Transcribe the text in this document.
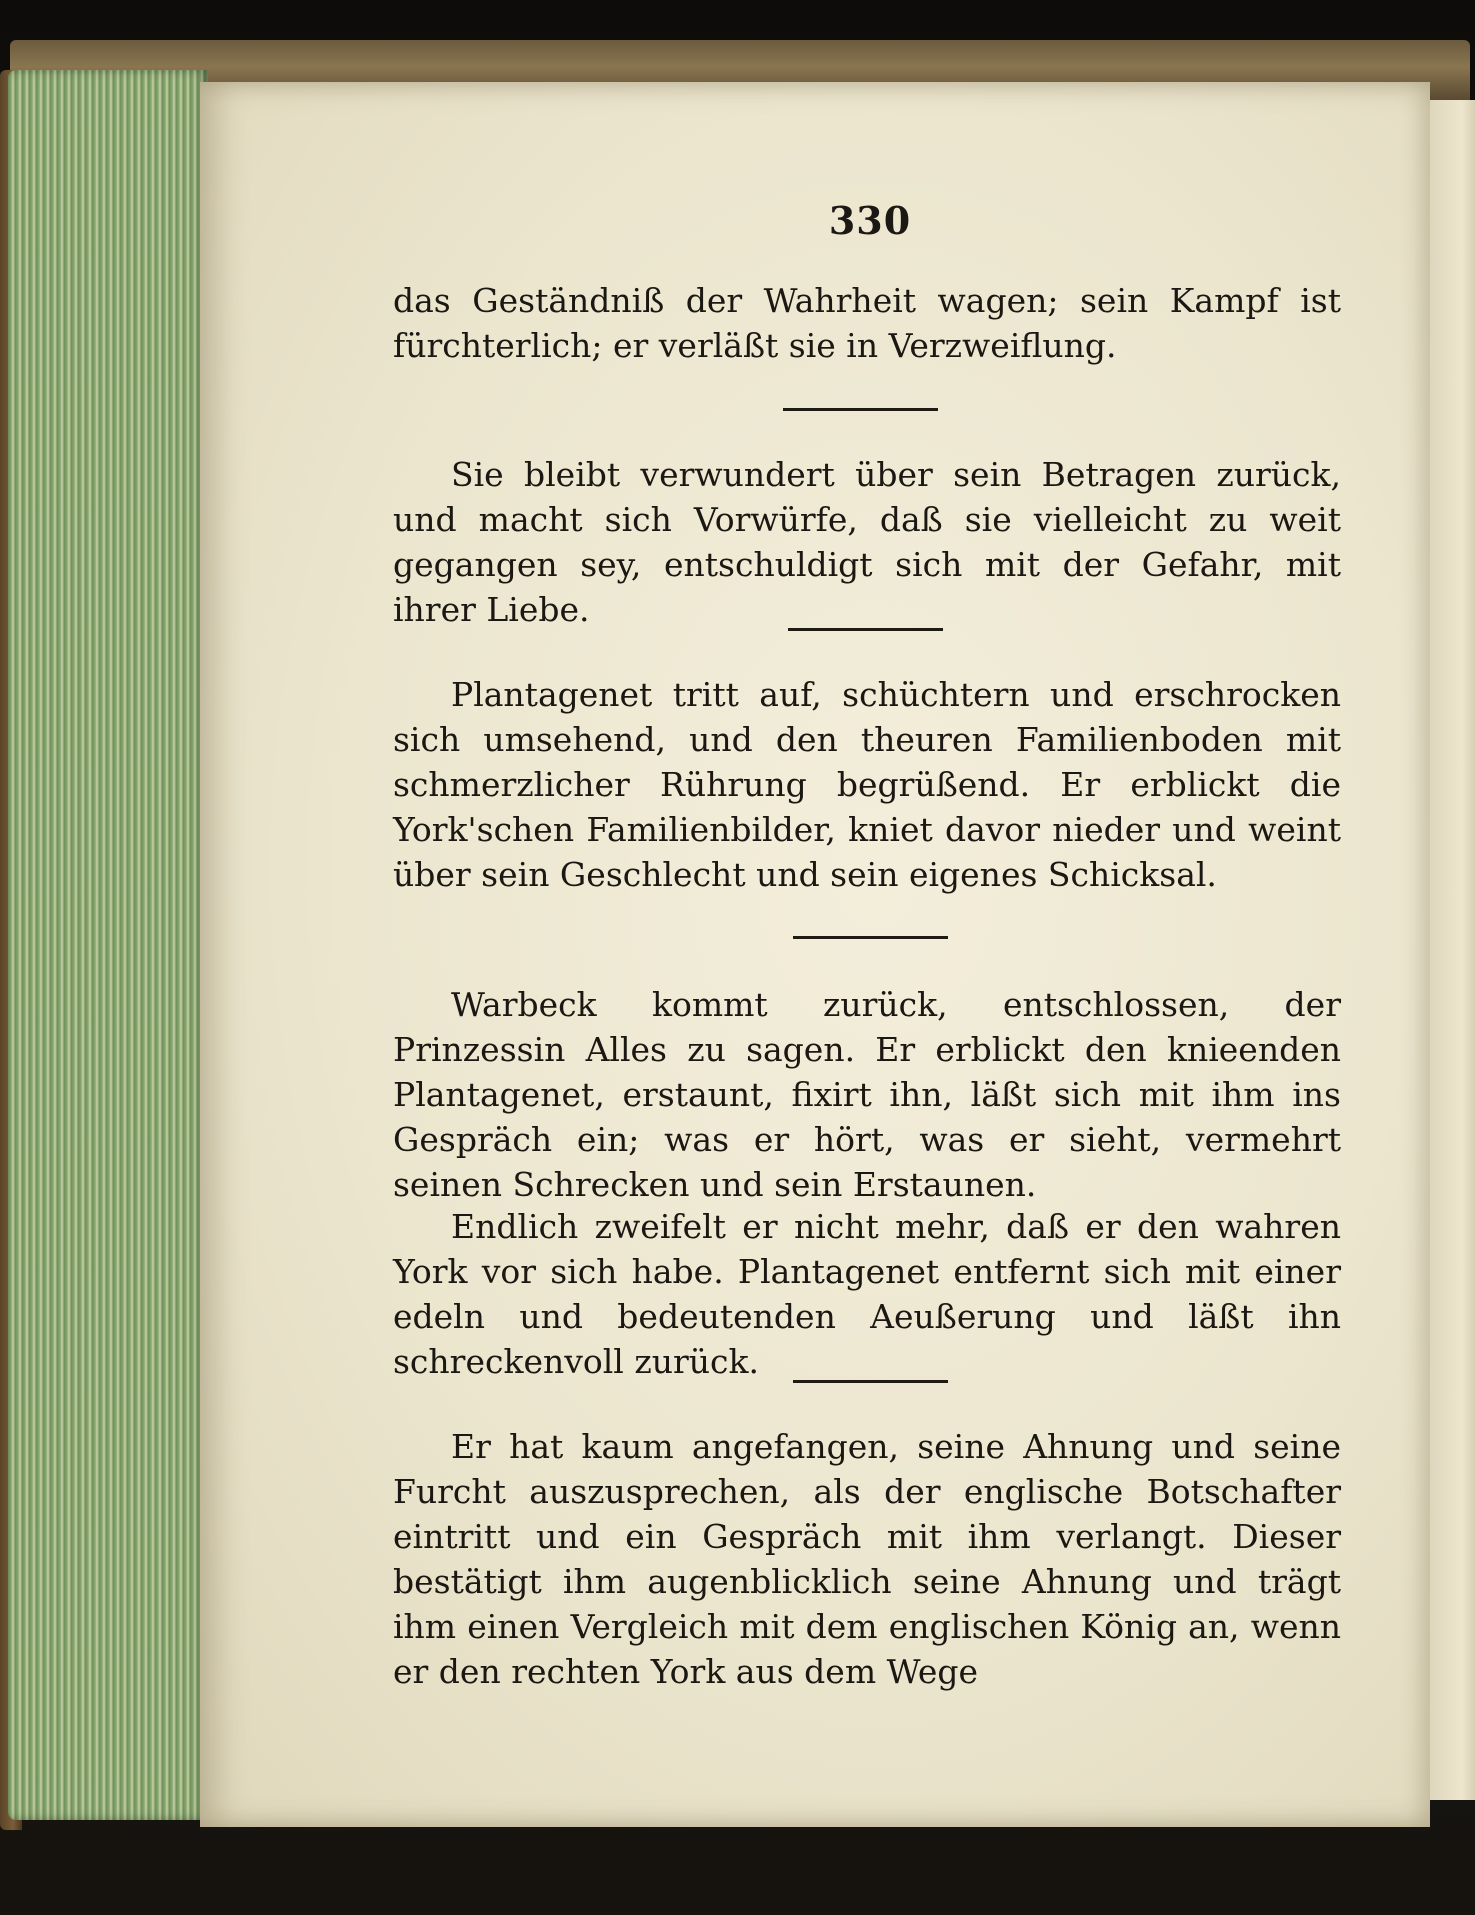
330

das Geständniß der Wahrheit wagen; sein Kampf ist fürchterlich; er verläßt sie in Verzweiflung.

Sie bleibt verwundert über sein Betragen zurück, und macht sich Vorwürfe, daß sie vielleicht zu weit gegangen sey, entschuldigt sich mit der Gefahr, mit ihrer Liebe.

Plantagenet tritt auf, schüchtern und erschrocken sich umsehend, und den theuren Familienboden mit schmerzlicher Rührung begrüßend. Er erblickt die York'schen Familienbilder, kniet davor nieder und weint über sein Geschlecht und sein eigenes Schicksal.

Warbeck kommt zurück, entschlossen, der Prinzessin Alles zu sagen. Er erblickt den knieenden Plantagenet, erstaunt, fixirt ihn, läßt sich mit ihm ins Gespräch ein; was er hört, was er sieht, vermehrt seinen Schrecken und sein Erstaunen.

Endlich zweifelt er nicht mehr, daß er den wahren York vor sich habe. Plantagenet entfernt sich mit einer edeln und bedeutenden Aeußerung und läßt ihn schreckenvoll zurück.

Er hat kaum angefangen, seine Ahnung und seine Furcht auszusprechen, als der englische Botschafter eintritt und ein Gespräch mit ihm verlangt. Dieser bestätigt ihm augenblicklich seine Ahnung und trägt ihm einen Vergleich mit dem englischen König an, wenn er den rechten York aus dem Wege
